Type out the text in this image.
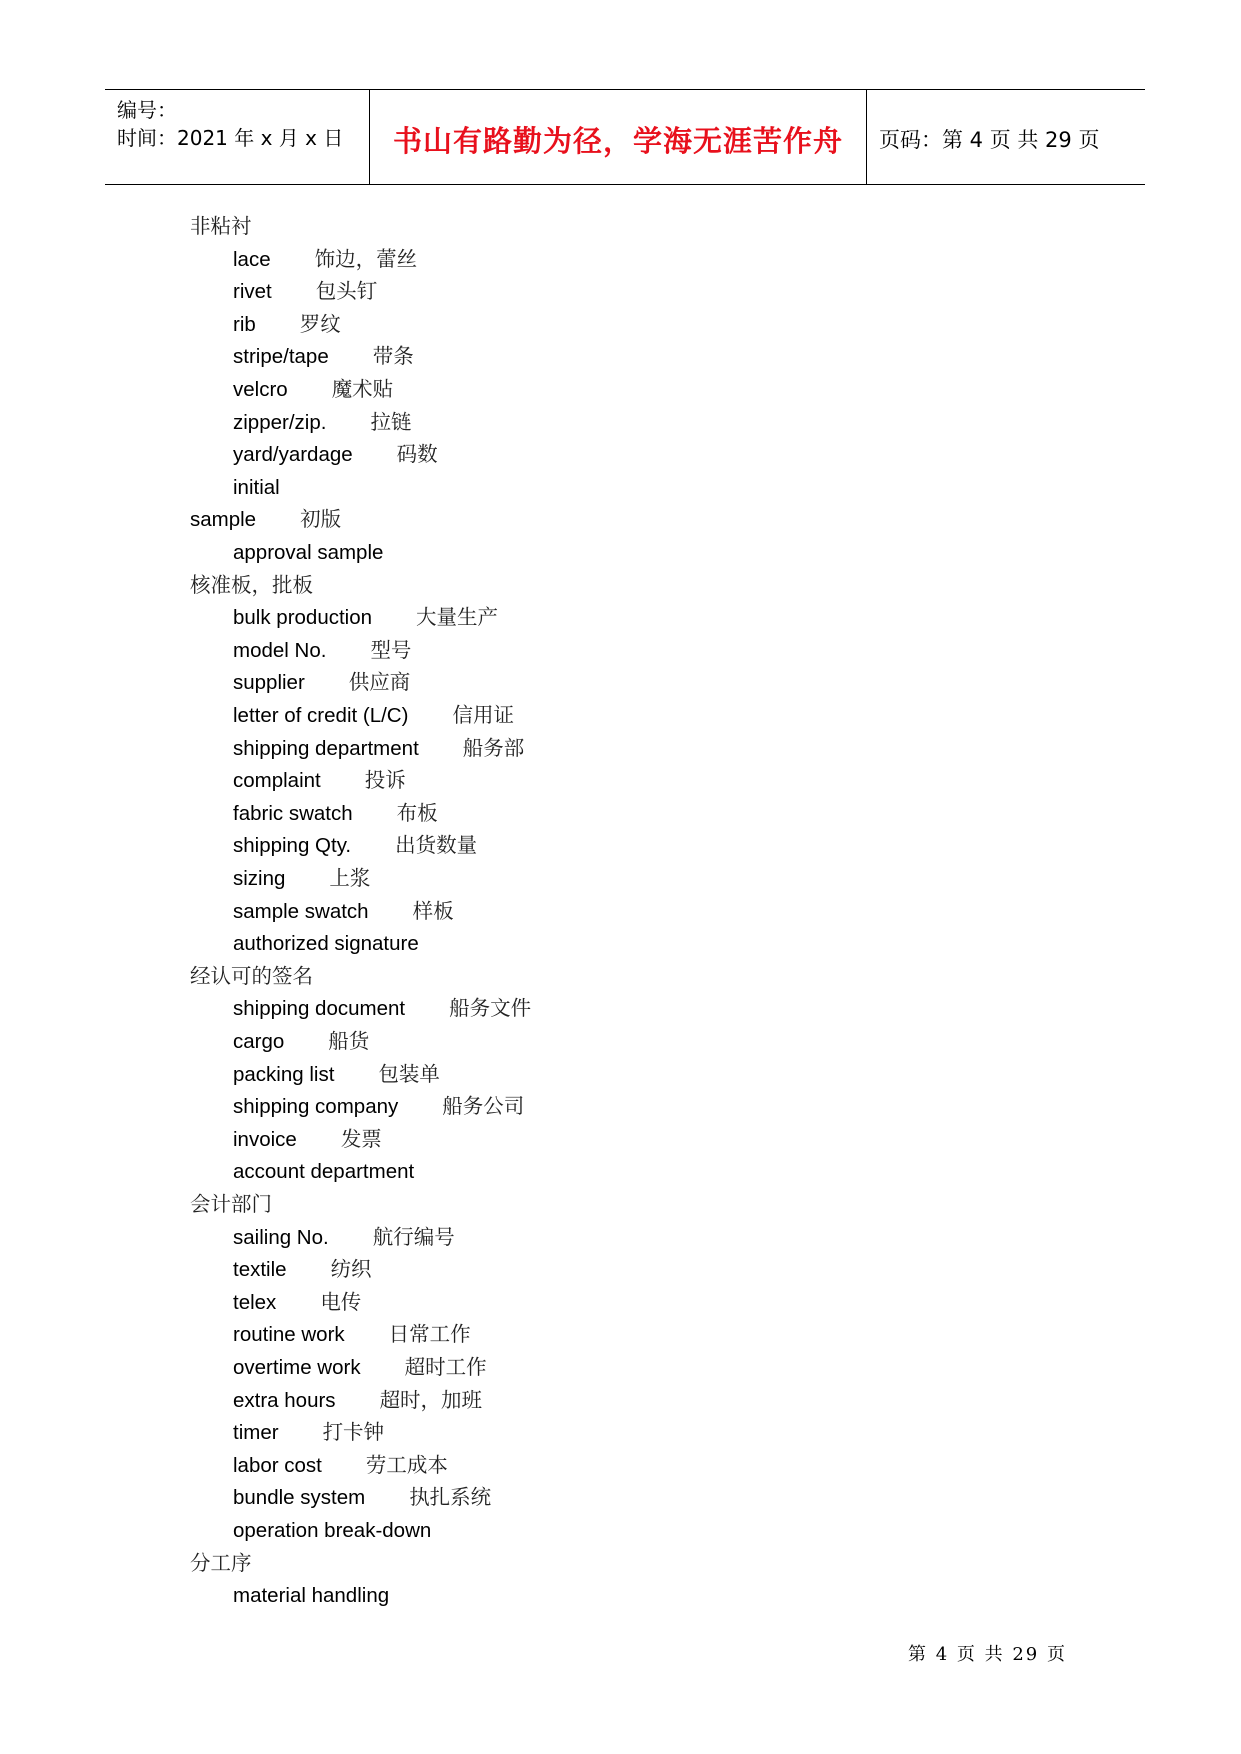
编号：
时间：2021 年 x 月 x 日	书山有路勤为径，学海无涯苦作舟	页码：第 4 页 共 29 页
非粘衬
lace 饰边，蕾丝
rivet 包头钉
rib 罗纹
stripe/tape 带条
velcro 魔术贴
zipper/zip. 拉链
yard/yardage 码数
initial
sample 初版
approval sample
核准板，批板
bulk production 大量生产
model No. 型号
supplier 供应商
letter of credit (L/C) 信用证
shipping department 船务部
complaint 投诉
fabric swatch 布板
shipping Qty. 出货数量
sizing 上浆
sample swatch 样板
authorized signature
经认可的签名
shipping document 船务文件
cargo 船货
packing list 包装单
shipping company 船务公司
invoice 发票
account department
会计部门
sailing No. 航行编号
textile 纺织
telex 电传
routine work 日常工作
overtime work 超时工作
extra hours 超时，加班
timer 打卡钟
labor cost 劳工成本
bundle system 执扎系统
operation break-down
分工序
material handling
第 4 页 共 29 页
